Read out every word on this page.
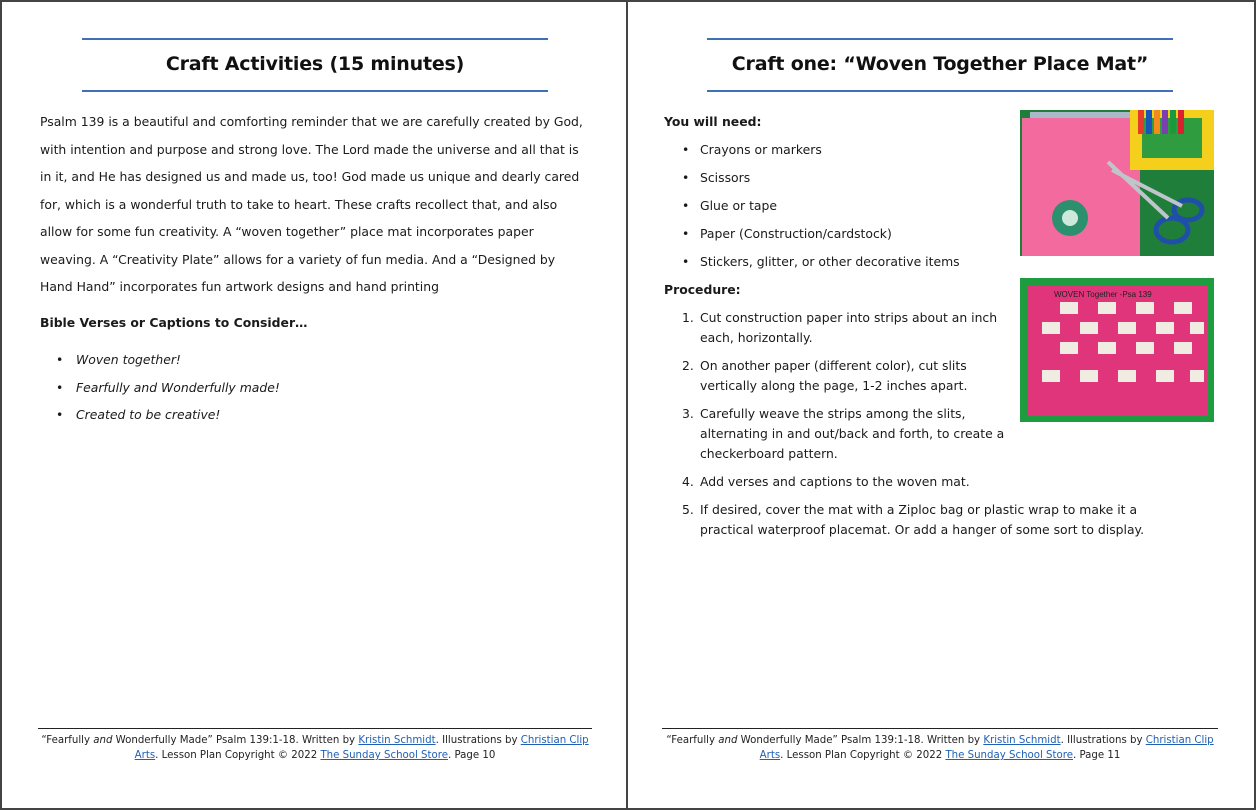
Craft Activities (15 minutes)

Psalm 139 is a beautiful and comforting reminder that we are carefully created by God, with intention and purpose and strong love. The Lord made the universe and all that is in it, and He has designed us and made us, too! God made us unique and dearly cared for, which is a wonderful truth to take to heart. These crafts recollect that, and also allow for some fun creativity. A “woven together” place mat incorporates paper weaving. A “Creativity Plate” allows for a variety of fun media. And a “Designed by Hand Hand” incorporates fun artwork designs and hand printing

Bible Verses or Captions to Consider…

• Woven together!
• Fearfully and Wonderfully made!
• Created to be creative!
“Fearfully and Wonderfully Made” Psalm 139:1-18. Written by Kristin Schmidt. Illustrations by Christian Clip Arts. Lesson Plan Copyright © 2022 The Sunday School Store. Page 10
Craft one: “Woven Together Place Mat”

You will need:

• Crayons or markers
• Scissors
• Glue or tape
• Paper (Construction/cardstock)
• Stickers, glitter, or other decorative items

Procedure:

1. Cut construction paper into strips about an inch each, horizontally.
2. On another paper (different color), cut slits vertically along the page, 1-2 inches apart.
3. Carefully weave the strips among the slits, alternating in and out/back and forth, to create a checkerboard pattern.
4. Add verses and captions to the woven mat.
5. If desired, cover the mat with a Ziploc bag or plastic wrap to make it a practical waterproof placemat. Or add a hanger of some sort to display.
WOVEN Together -Psa 139
“Fearfully and Wonderfully Made” Psalm 139:1-18. Written by Kristin Schmidt. Illustrations by Christian Clip Arts. Lesson Plan Copyright © 2022 The Sunday School Store. Page 11
